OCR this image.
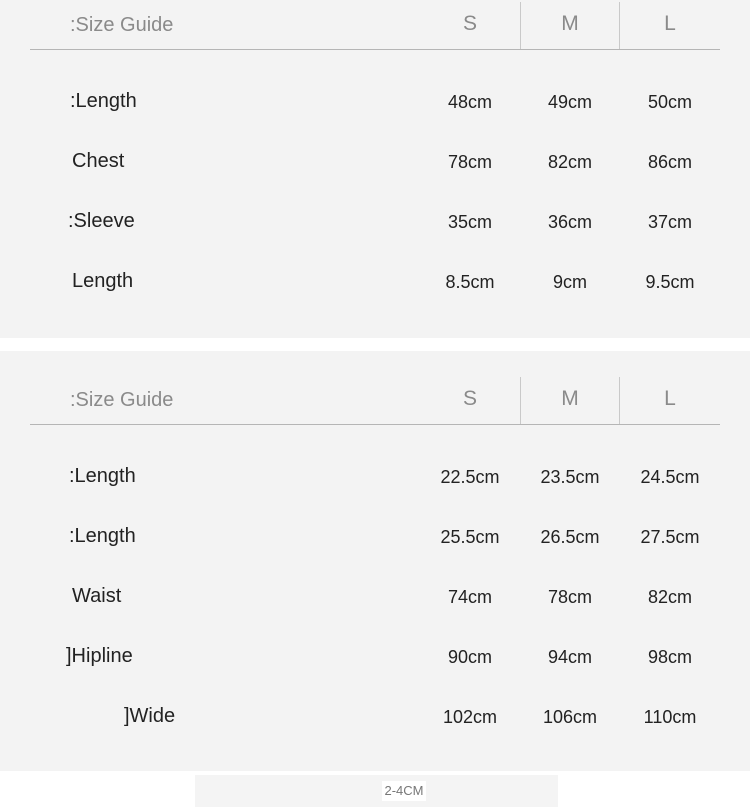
:Size Guide	S	M	L
:Length	48cm	49cm	50cm
Chest	78cm	82cm	86cm
:Sleeve	35cm	36cm	37cm
Length	8.5cm	9cm	9.5cm
:Size Guide	S	M	L
:Length	22.5cm	23.5cm	24.5cm
:Length	25.5cm	26.5cm	27.5cm
Waist	74cm	78cm	82cm
]Hipline	90cm	94cm	98cm
]Wide	102cm	106cm	110cm
2-4CM
